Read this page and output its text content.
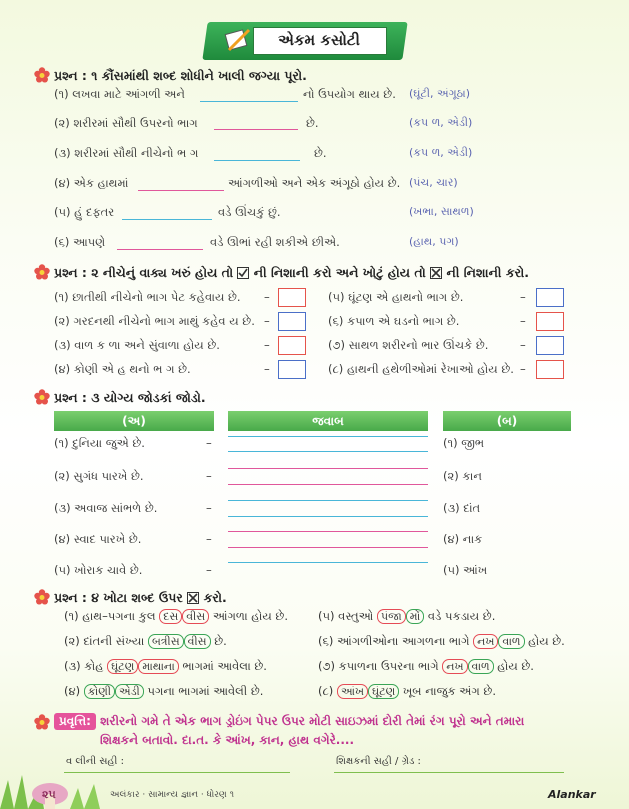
એકમ કસોટી
પ્રશ્ન : ૧ કૌંસમાંથી શબ્દ શોધીને ખાલી જગ્યા પૂરો.
(૧) લખવા માટે આંગળી અને	નો ઉપયોગ થાય છે. (ઘૂંટી, અંગૂઠા)
(૨) શરીરમાં સૌથી ઉપરનો ભાગ	છે.	(કપ ળ, એડી)
(૩) શરીરમાં સૌથી નીચેનો ભ ગ	છે.	(કપ ળ, એડી)
(૪) એક હાથમાં	આંગળીઓ અને એક અંગૂઠો હોય છે. (પંચ, ચાર)
(૫) હું દફતર	વડે ઊંચકું છું.	(ખભા, સાથળ)
(૬) આપણે	વડે ઊભાં રહી શકીએ છીએ.	(હાથ, પગ)
પ્રશ્ન : ૨ નીચેનું વાક્ય ખરું હોય તો ની નિશાની કરો અને ખોટું હોય તો ☒ ની નિશાની કરો.
(૧) છાતીથી નીચેનો ભાગ પેટ કહેવાય છે. –
(૨) ગરદનથી નીચેનો ભાગ માથું કહેવ ય છે. –
(૩) વાળ ક ળા અને સુંવાળા હોય છે.	–
(૪) કોણી એ હ થનો ભ ગ છે.	–
(૫) ઘૂંટણ એ હાથનો ભાગ છે.	–
(૬) કપાળ એ ઘડનો ભાગ છે.	–
(૭) સાથળ શરીરનો ભાર ઊંચકે છે.	–
(૮) હાથની હથેળીઓમાં રેખાઓ હોય છે. –
પ્રશ્ન : ૩ યોગ્ય જોડકાં જોડો.
(અ)	જવાબ	(બ)
(૧) દુનિયા જુએ છે.	–	(૧) જીભ
(૨) સુગંધ પારખે છે.	–	(૨) કાન
(૩) અવાજ સાંભળે છે.	–	(૩) દાંત
(૪) સ્વાદ પારખે છે.	–	(૪) નાક
(૫) ખોરાક ચાવે છે.	–	(૫) આંખ
પ્રશ્ન : ૪ ખોટા શબ્દ ઉપર ☒ કરો.
(૧) હાથ–પગના કુલ દસ વીસ આંગળા હોય છે.
(૨) દાંતની સંખ્યા બત્રીસ વીસ છે.
(૩) કોહ ઘૂંટણ માથાના ભાગમાં આવેલા છે.
(૪) કોણી એડી પગના ભાગમાં આવેલી છે.
(૫) વસ્તુઓ પંજા મોં વડે પકડાય છે.
(૬) આંગળીઓના આગળના ભાગે નખ વાળ હોય છે.
(૭) કપાળના ઉપરના ભાગે નખ વાળ હોય છે.
(૮) આંખ ઘૂંટણ ખૂબ નાજુક અંગ છે.
પ્રવૃત્તિ: શરીરનો ગમે તે એક ભાગ ડ્રોઇંગ પેપર ઉપર મોટી સાઇઝમાં દોરી તેમાં રંગ પૂરો અને તમારા
શિક્ષકને બતાવો. દા.ત. કે આંખ, કાન, હાથ વગેરે....
વ લીની સહી :	શિક્ષકની સહી / ગ્રેડ :
૨૫	અલંકાર · સામાન્ય જ્ઞાન · ધોરણ ૧	Alankar
